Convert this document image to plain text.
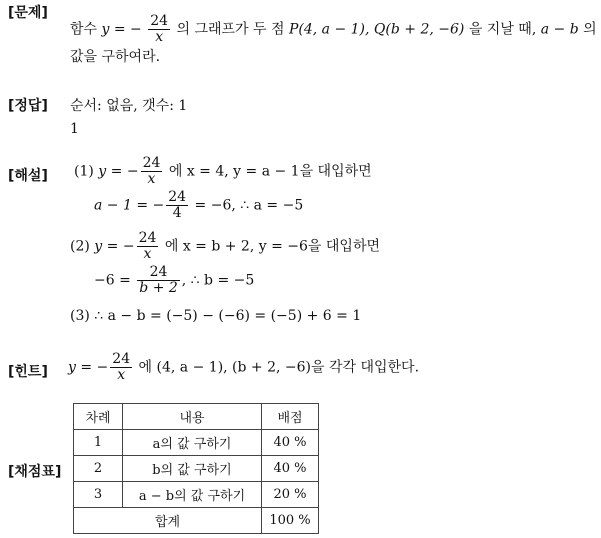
[문제]
함수 y = − $\frac{24}{x}$ 의 그래프가 두 점 P(4, a − 1), Q(b + 2, −6) 을 지날 때, a − b 의
값을 구하여라.
[정답] 순서: 없음, 갯수: 1
1
[해설] (1) y = − $\frac{24}{x}$ 에 x = 4, y = a − 1을 대입하면
a − 1 = − $\frac{24}{4} = -6$, ∴ a = −5
(2) y = − $\frac{24}{x}$ 에 x = b + 2, y = −6을 대입하면
$-6 = \frac{24}{b + 2}$ , ∴ b = −5
(3) ∴ a − b = (−5) − (−6) = (−5) + 6 = 1
[힌트] y = − $\frac{24}{x}$ 에 (4, a − 1), (b + 2, −6)을 각각 대입한다.
[채점표]
차례	내용	배점
1	a의 값 구하기	40 %
2	b의 값 구하기	40 %
3	a − b의 값 구하기	20 %
합계		100 %
